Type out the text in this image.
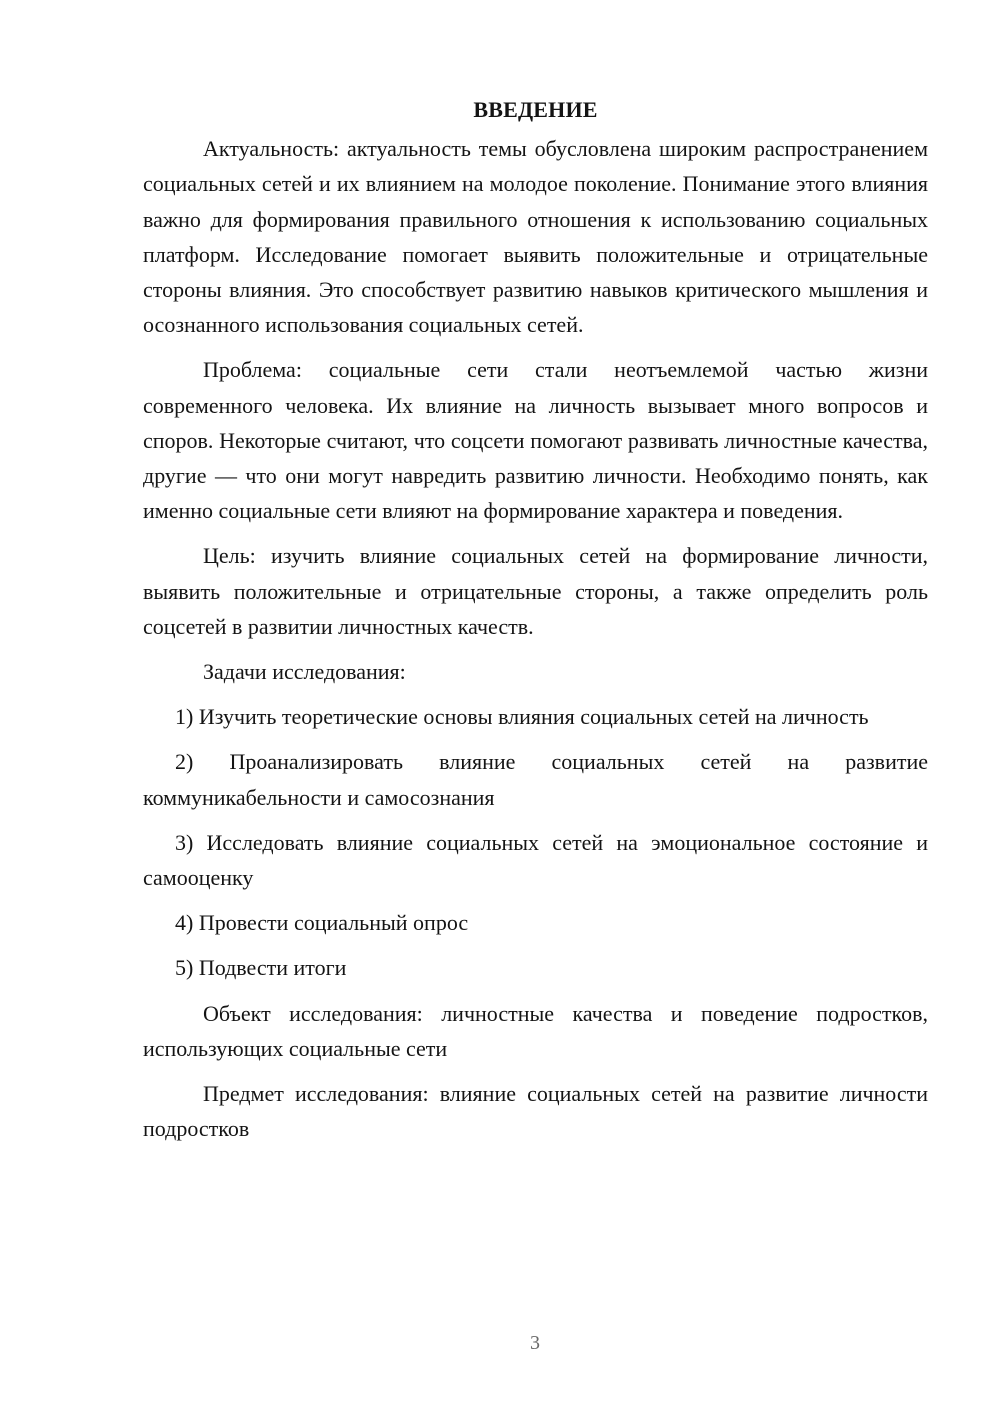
ВВЕДЕНИЕ

Актуальность: актуальность темы обусловлена широким распространением социальных сетей и их влиянием на молодое поколение. Понимание этого влияния важно для формирования правильного отношения к использованию социальных платформ. Исследование помогает выявить положительные и отрицательные стороны влияния. Это способствует развитию навыков критического мышления и осознанного использования социальных сетей.

Проблема: социальные сети стали неотъемлемой частью жизни современного человека. Их влияние на личность вызывает много вопросов и споров. Некоторые считают, что соцсети помогают развивать личностные качества, другие — что они могут навредить развитию личности. Необходимо понять, как именно социальные сети влияют на формирование характера и поведения.

Цель: изучить влияние социальных сетей на формирование личности, выявить положительные и отрицательные стороны, а также определить роль соцсетей в развитии личностных качеств.

Задачи исследования:

1) Изучить теоретические основы влияния социальных сетей на личность

2) Проанализировать влияние социальных сетей на развитие коммуникабельности и самосознания

3) Исследовать влияние социальных сетей на эмоциональное состояние и самооценку

4) Провести социальный опрос

5) Подвести итоги

Объект исследования: личностные качества и поведение подростков, использующих социальные сети

Предмет исследования: влияние социальных сетей на развитие личности подростков

3
